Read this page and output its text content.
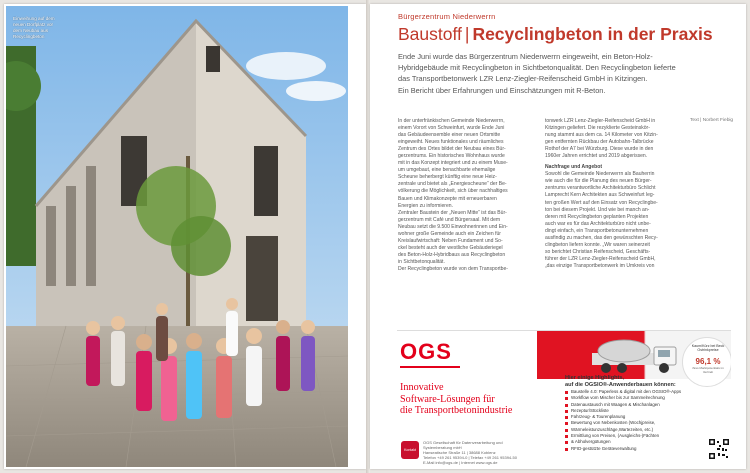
Einweihung auf dem
neuen Dorfplatz vor
dem Neubau aus
Recyclingbeton
Bürgerzentrum Niederwerrn
Baustoff | Recyclingbeton in der Praxis
Ende Juni wurde das Bürgerzentrum Niederwerrn eingeweiht, ein Beton-Holz-
Hybridgebäude mit Recyclingbeton in Sichtbetonqualität. Den Recyclingbeton lieferte
das Transportbetonwerk LZR Lenz-Ziegler-Reifenscheid GmbH in Kitzingen.
Ein Bericht über Erfahrungen und Einschätzungen mit R-Beton.
In der unterfränkischen Gemeinde Niederwerrn,
einem Vorort von Schweinfurt, wurde Ende Juni
das Gebäudeensemble einer neuen Ortsmitte
eingeweiht. Neues funktionales und räumliches
Zentrum des Ortes bildet der Neubau eines Bür-
gerzentrums. Ein historisches Wohnhaus wurde
mit in das Konzept integriert und zu einem Muse-
um umgebaut, eine benachbarte ehemalige
Scheune beherbergt künftig eine neue Heiz-
zentrale und bietet als „Energiescheune“ der Be-
völkerung die Möglichkeit, sich über nachhaltiges
Bauen und Klimakonzepte mit erneuerbaren
Energien zu informieren.
Zentraler Baustein der „Neuen Mitte“ ist das Bür-
gerzentrum mit Café und Bürgersaal. Mit dem
Neubau setzt die 9.500 Einwohnerinnen und Ein-
wohner große Gemeinde auch ein Zeichen für
Kreislaufwirtschaft: Neben Fundament und So-
ckel besteht auch der westliche Gebäuderiegel
des Beton-Holz-Hybridbaus aus Recyclingbeton
in Sichtbetonqualität.
Der Recyclingbeton wurde von dem Transportbe-
tonwerk LZR Lenz-Ziegler-Reifenscheid GmbH in
Kitzingen geliefert. Die rezyklierte Gesteinskör-
nung stammt aus dem ca. 14 Kilometer von Kitzin-
gen entfernten Rückbau der Autobahn-Talbrücke
Rothof der A7 bei Würzburg. Diese wurde in den
1960er Jahren errichtet und 2019 abgerissen.
Nachfrage und Angebot
Sowohl die Gemeinde Niederwerrn als Bauherrin
wie auch die für die Planung des neuen Bürger-
zentrums verantwortliche Architekturbüro Schlicht
Lamprecht Kern Architekten aus Schweinfurt leg-
ten großen Wert auf den Einsatz von Recyclingbe-
ton bei diesem Projekt. Und wie bei manch an-
deren mit Recyclingbeton geplanten Projekten
auch war es für das Architekturbüro nicht unbe-
dingt einfach, ein Transportbetonunternehmen
ausfindig zu machen, das den gewünschten Recy-
clingbeton liefern konnte. „Wir waren seinerzeit
so berichtet Christian Reifenscheid, Geschäfts-
führer der LZR Lenz-Ziegler-Reifenscheid GmbH,
„das einzige Transportbetonwerk im Umkreis von
Text | Norbert Fiebig
OGS
Innovative
Software-Lösungen für
die Transportbetonindustrie
Kontakt
OGS Gesellschaft für Datenverarbeitung und
Systemberatung mbH
Hanseatische Straße 11 | 38688 Koblenz
Telefon +49 261 95394-0 | Telefax +49 261 95394-50
E-Mail info@ogs.de | Internet www.ogs.de
Kaum/Kürz bei Beck Ostrinkpreise
96,1 %
ihres Marktpotentials im Vertrieb
Hier einige Highlights,
auf die OGSIO®-Anwenderbauen können:
Baustelle 4.0: Paperless & digital mit den OGSIO®-Apps
Workflow vom Mischer bis zur Sammelrechnung
Datenaustausch mit Waagen & Mischanlagen
Rezeptur/Stückliste
Fahrzeug- & Tourenplanung
Bewertung von Nebenkosten (Wochjpreise,
Wärmeleistunzuschläge,Wartezeiten, etc.)
Ermittlung von Preisen, (Ausgleichs-)Fächten
& Abholvergütungen
RFID-gestützte Geräteverwaltung
